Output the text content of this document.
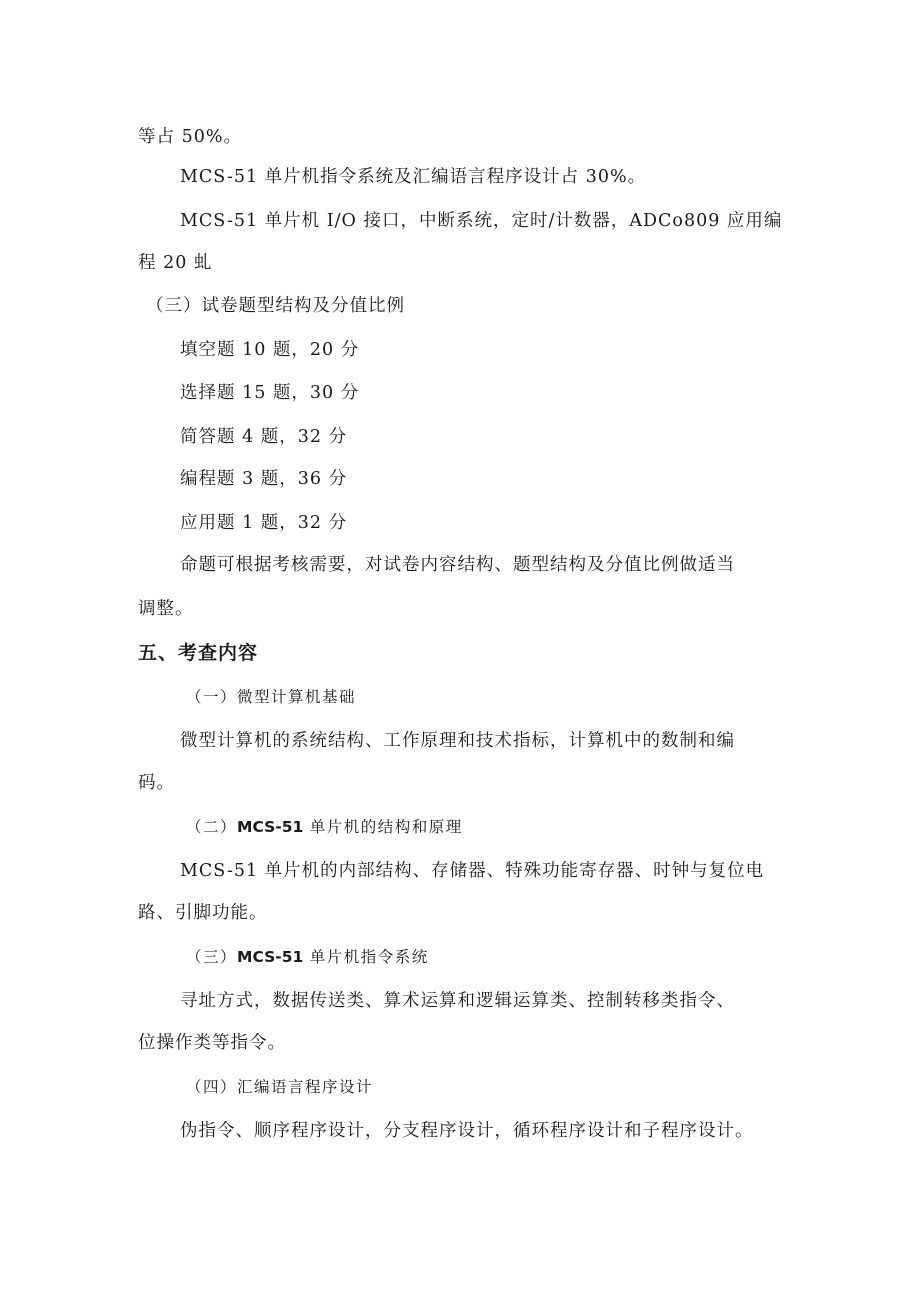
等占 50%。
MCS-51 单片机指令系统及汇编语言程序设计占 30%。
MCS-51 单片机 I/O 接口，中断系统，定时/计数器，ADCo809 应用编
程 20 虬
（三）试卷题型结构及分值比例
填空题 10 题，20 分
选择题 15 题，30 分
简答题 4 题，32 分
编程题 3 题，36 分
应用题 1 题，32 分
命题可根据考核需要，对试卷内容结构、题型结构及分值比例做适当
调整。
五、考查内容
（一）微型计算机基础
微型计算机的系统结构、工作原理和技术指标，计算机中的数制和编
码。
（二）MCS-51 单片机的结构和原理
MCS-51 单片机的内部结构、存储器、特殊功能寄存器、时钟与复位电
路、引脚功能。
（三）MCS-51 单片机指令系统
寻址方式，数据传送类、算术运算和逻辑运算类、控制转移类指令、
位操作类等指令。
（四）汇编语言程序设计
伪指令、顺序程序设计，分支程序设计，循环程序设计和子程序设计。
